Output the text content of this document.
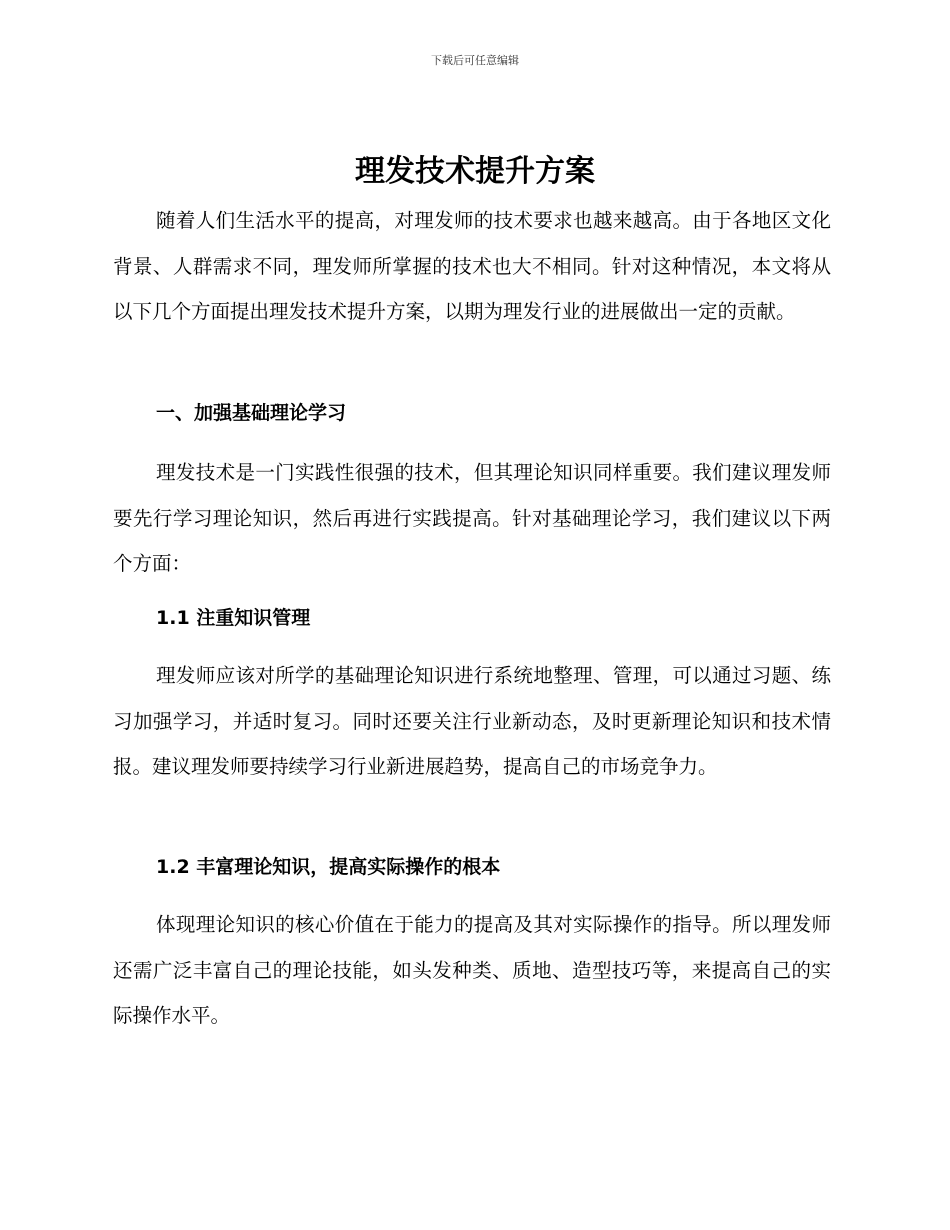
下载后可任意编辑
理发技术提升方案

随着人们生活水平的提高，对理发师的技术要求也越来越高。由于各地区文化背景、人群需求不同，理发师所掌握的技术也大不相同。针对这种情况，本文将从以下几个方面提出理发技术提升方案，以期为理发行业的进展做出一定的贡献。

一、加强基础理论学习

理发技术是一门实践性很强的技术，但其理论知识同样重要。我们建议理发师要先行学习理论知识，然后再进行实践提高。针对基础理论学习，我们建议以下两个方面：

1.1 注重知识管理

理发师应该对所学的基础理论知识进行系统地整理、管理，可以通过习题、练习加强学习，并适时复习。同时还要关注行业新动态，及时更新理论知识和技术情报。建议理发师要持续学习行业新进展趋势，提高自己的市场竞争力。

1.2 丰富理论知识，提高实际操作的根本

体现理论知识的核心价值在于能力的提高及其对实际操作的指导。所以理发师还需广泛丰富自己的理论技能，如头发种类、质地、造型技巧等，来提高自己的实际操作水平。
